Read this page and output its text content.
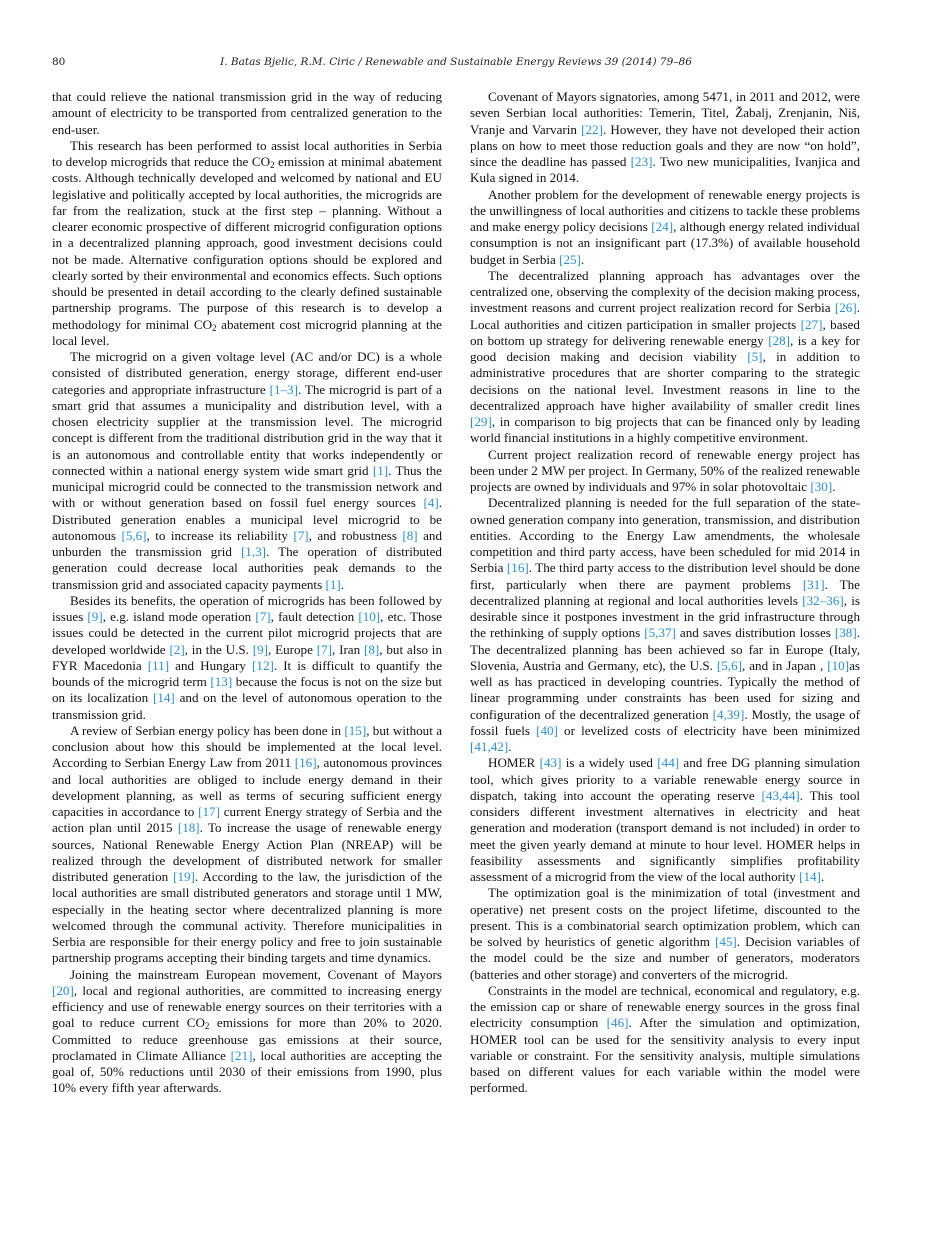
80	I. Batas Bjelic, R.M. Ciric / Renewable and Sustainable Energy Reviews 39 (2014) 79–86

that could relieve the national transmission grid in the way of reducing amount of electricity to be transported from centralized generation to the end-user.

This research has been performed to assist local authorities in Serbia to develop microgrids that reduce the $CO_2$ emission at minimal abatement costs. Although technically developed and welcomed by national and EU legislative and politically accepted by local authorities, the microgrids are far from the realization, stuck at the first step – planning. Without a clearer economic prospective of different microgrid configuration options in a decentralized planning approach, good investment decisions could not be made. Alternative configuration options should be explored and clearly sorted by their environmental and economics effects. Such options should be presented in detail according to the clearly defined sustainable partnership programs. The purpose of this research is to develop a methodology for minimal $CO_2$ abatement cost microgrid planning at the local level.

The microgrid on a given voltage level (AC and/or DC) is a whole consisted of distributed generation, energy storage, different end-user categories and appropriate infrastructure [1–3]. The microgrid is part of a smart grid that assumes a municipality and distribution level, with a chosen electricity supplier at the transmission level. The microgrid concept is different from the traditional distribution grid in the way that it is an autonomous and controllable entity that works independently or connected within a national energy system wide smart grid [1]. Thus the municipal microgrid could be connected to the transmission network and with or without generation based on fossil fuel energy sources [4]. Distributed generation enables a municipal level microgrid to be autonomous [5,6], to increase its reliability [7], and robustness [8] and unburden the transmission grid [1,3]. The operation of distributed generation could decrease local authorities peak demands to the transmission grid and associated capacity payments [1].

Besides its benefits, the operation of microgrids has been followed by issues [9], e.g. island mode operation [7], fault detection [10], etc. Those issues could be detected in the current pilot microgrid projects that are developed worldwide [2], in the U.S. [9], Europe [7], Iran [8], but also in FYR Macedonia [11] and Hungary [12]. It is difficult to quantify the bounds of the microgrid term [13] because the focus is not on the size but on its localization [14] and on the level of autonomous operation to the transmission grid.

A review of Serbian energy policy has been done in [15], but without a conclusion about how this should be implemented at the local level. According to Serbian Energy Law from 2011 [16], autonomous provinces and local authorities are obliged to include energy demand in their development planning, as well as terms of securing sufficient energy capacities in accordance to [17] current Energy strategy of Serbia and the action plan until 2015 [18]. To increase the usage of renewable energy sources, National Renewable Energy Action Plan (NREAP) will be realized through the development of distributed network for smaller distributed generation [19]. According to the law, the jurisdiction of the local authorities are small distributed generators and storage until 1 MW, especially in the heating sector where decentralized planning is more welcomed through the communal activity. Therefore municipalities in Serbia are responsible for their energy policy and free to join sustainable partnership programs accepting their binding targets and time dynamics.

Joining the mainstream European movement, Covenant of Mayors [20], local and regional authorities, are committed to increasing energy efficiency and use of renewable energy sources on their territories with a goal to reduce current $CO_2$ emissions for more than 20% to 2020. Committed to reduce greenhouse gas emissions at their source, proclamated in Climate Alliance [21], local authorities are accepting the goal of, 50% reductions until 2030 of their emissions from 1990, plus 10% every fifth year afterwards.

Covenant of Mayors signatories, among 5471, in 2011 and 2012, were seven Serbian local authorities: Temerin, Titel, Žabalj, Zrenjanin, Niš, Vranje and Varvarin [22]. However, they have not developed their action plans on how to meet those reduction goals and they are now “on hold”, since the deadline has passed [23]. Two new municipalities, Ivanjica and Kula signed in 2014.

Another problem for the development of renewable energy projects is the unwillingness of local authorities and citizens to tackle these problems and make energy policy decisions [24], although energy related individual consumption is not an insignificant part (17.3%) of available household budget in Serbia [25].

The decentralized planning approach has advantages over the centralized one, observing the complexity of the decision making process, investment reasons and current project realization record for Serbia [26]. Local authorities and citizen participation in smaller projects [27], based on bottom up strategy for delivering renewable energy [28], is a key for good decision making and decision viability [5], in addition to administrative procedures that are shorter comparing to the strategic decisions on the national level. Investment reasons in line to the decentralized approach have higher availability of smaller credit lines [29], in comparison to big projects that can be financed only by leading world financial institutions in a highly competitive environment.

Current project realization record of renewable energy project has been under 2 MW per project. In Germany, 50% of the realized renewable projects are owned by individuals and 97% in solar photovoltaic [30].

Decentralized planning is needed for the full separation of the state-owned generation company into generation, transmission, and distribution entities. According to the Energy Law amendments, the wholesale competition and third party access, have been scheduled for mid 2014 in Serbia [16]. The third party access to the distribution level should be done first, particularly when there are payment problems [31]. The decentralized planning at regional and local authorities levels [32–36], is desirable since it postpones investment in the grid infrastructure through the rethinking of supply options [5,37] and saves distribution losses [38]. The decentralized planning has been achieved so far in Europe (Italy, Slovenia, Austria and Germany, etc), the U.S. [5,6], and in Japan , [10]as well as has practiced in developing countries. Typically the method of linear programming under constraints has been used for sizing and configuration of the decentralized generation [4,39]. Mostly, the usage of fossil fuels [40] or levelized costs of electricity have been minimized [41,42].

HOMER [43] is a widely used [44] and free DG planning simulation tool, which gives priority to a variable renewable energy source in dispatch, taking into account the operating reserve [43,44]. This tool considers different investment alternatives in electricity and heat generation and moderation (transport demand is not included) in order to meet the given yearly demand at minute to hour level. HOMER helps in feasibility assessments and significantly simplifies profitability assessment of a microgrid from the view of the local authority [14].

The optimization goal is the minimization of total (investment and operative) net present costs on the project lifetime, discounted to the present. This is a combinatorial search optimization problem, which can be solved by heuristics of genetic algorithm [45]. Decision variables of the model could be the size and number of generators, moderators (batteries and other storage) and converters of the microgrid.

Constraints in the model are technical, economical and regulatory, e.g. the emission cap or share of renewable energy sources in the gross final electricity consumption [46]. After the simulation and optimization, HOMER tool can be used for the sensitivity analysis to every input variable or constraint. For the sensitivity analysis, multiple simulations based on different values for each variable within the model were performed.
